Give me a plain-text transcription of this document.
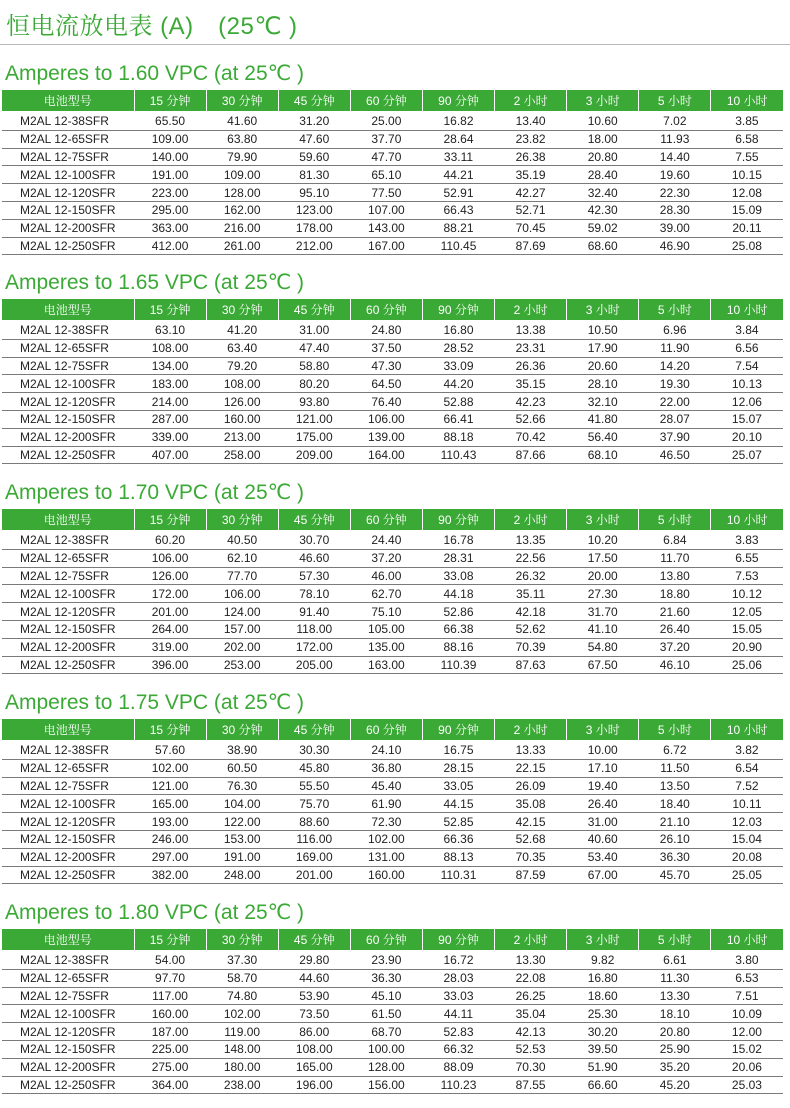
恒电流放电表 (A)　(25℃ )
Amperes to 1.60 VPC (at 25℃ )
电池型号	15 分钟	30 分钟	45 分钟	60 分钟	90 分钟	2 小时	3 小时	5 小时	10 小时
M2AL 12-38SFR	65.50	41.60	31.20	25.00	16.82	13.40	10.60	7.02	3.85
M2AL 12-65SFR	109.00	63.80	47.60	37.70	28.64	23.82	18.00	11.93	6.58
M2AL 12-75SFR	140.00	79.90	59.60	47.70	33.11	26.38	20.80	14.40	7.55
M2AL 12-100SFR	191.00	109.00	81.30	65.10	44.21	35.19	28.40	19.60	10.15
M2AL 12-120SFR	223.00	128.00	95.10	77.50	52.91	42.27	32.40	22.30	12.08
M2AL 12-150SFR	295.00	162.00	123.00	107.00	66.43	52.71	42.30	28.30	15.09
M2AL 12-200SFR	363.00	216.00	178.00	143.00	88.21	70.45	59.02	39.00	20.11
M2AL 12-250SFR	412.00	261.00	212.00	167.00	110.45	87.69	68.60	46.90	25.08
Amperes to 1.65 VPC (at 25℃ )
电池型号	15 分钟	30 分钟	45 分钟	60 分钟	90 分钟	2 小时	3 小时	5 小时	10 小时
M2AL 12-38SFR	63.10	41.20	31.00	24.80	16.80	13.38	10.50	6.96	3.84
M2AL 12-65SFR	108.00	63.40	47.40	37.50	28.52	23.31	17.90	11.90	6.56
M2AL 12-75SFR	134.00	79.20	58.80	47.30	33.09	26.36	20.60	14.20	7.54
M2AL 12-100SFR	183.00	108.00	80.20	64.50	44.20	35.15	28.10	19.30	10.13
M2AL 12-120SFR	214.00	126.00	93.80	76.40	52.88	42.23	32.10	22.00	12.06
M2AL 12-150SFR	287.00	160.00	121.00	106.00	66.41	52.66	41.80	28.07	15.07
M2AL 12-200SFR	339.00	213.00	175.00	139.00	88.18	70.42	56.40	37.90	20.10
M2AL 12-250SFR	407.00	258.00	209.00	164.00	110.43	87.66	68.10	46.50	25.07
Amperes to 1.70 VPC (at 25℃ )
电池型号	15 分钟	30 分钟	45 分钟	60 分钟	90 分钟	2 小时	3 小时	5 小时	10 小时
M2AL 12-38SFR	60.20	40.50	30.70	24.40	16.78	13.35	10.20	6.84	3.83
M2AL 12-65SFR	106.00	62.10	46.60	37.20	28.31	22.56	17.50	11.70	6.55
M2AL 12-75SFR	126.00	77.70	57.30	46.00	33.08	26.32	20.00	13.80	7.53
M2AL 12-100SFR	172.00	106.00	78.10	62.70	44.18	35.11	27.30	18.80	10.12
M2AL 12-120SFR	201.00	124.00	91.40	75.10	52.86	42.18	31.70	21.60	12.05
M2AL 12-150SFR	264.00	157.00	118.00	105.00	66.38	52.62	41.10	26.40	15.05
M2AL 12-200SFR	319.00	202.00	172.00	135.00	88.16	70.39	54.80	37.20	20.90
M2AL 12-250SFR	396.00	253.00	205.00	163.00	110.39	87.63	67.50	46.10	25.06
Amperes to 1.75 VPC (at 25℃ )
电池型号	15 分钟	30 分钟	45 分钟	60 分钟	90 分钟	2 小时	3 小时	5 小时	10 小时
M2AL 12-38SFR	57.60	38.90	30.30	24.10	16.75	13.33	10.00	6.72	3.82
M2AL 12-65SFR	102.00	60.50	45.80	36.80	28.15	22.15	17.10	11.50	6.54
M2AL 12-75SFR	121.00	76.30	55.50	45.40	33.05	26.09	19.40	13.50	7.52
M2AL 12-100SFR	165.00	104.00	75.70	61.90	44.15	35.08	26.40	18.40	10.11
M2AL 12-120SFR	193.00	122.00	88.60	72.30	52.85	42.15	31.00	21.10	12.03
M2AL 12-150SFR	246.00	153.00	116.00	102.00	66.36	52.68	40.60	26.10	15.04
M2AL 12-200SFR	297.00	191.00	169.00	131.00	88.13	70.35	53.40	36.30	20.08
M2AL 12-250SFR	382.00	248.00	201.00	160.00	110.31	87.59	67.00	45.70	25.05
Amperes to 1.80 VPC (at 25℃ )
电池型号	15 分钟	30 分钟	45 分钟	60 分钟	90 分钟	2 小时	3 小时	5 小时	10 小时
M2AL 12-38SFR	54.00	37.30	29.80	23.90	16.72	13.30	9.82	6.61	3.80
M2AL 12-65SFR	97.70	58.70	44.60	36.30	28.03	22.08	16.80	11.30	6.53
M2AL 12-75SFR	117.00	74.80	53.90	45.10	33.03	26.25	18.60	13.30	7.51
M2AL 12-100SFR	160.00	102.00	73.50	61.50	44.11	35.04	25.30	18.10	10.09
M2AL 12-120SFR	187.00	119.00	86.00	68.70	52.83	42.13	30.20	20.80	12.00
M2AL 12-150SFR	225.00	148.00	108.00	100.00	66.32	52.53	39.50	25.90	15.02
M2AL 12-200SFR	275.00	180.00	165.00	128.00	88.09	70.30	51.90	35.20	20.06
M2AL 12-250SFR	364.00	238.00	196.00	156.00	110.23	87.55	66.60	45.20	25.03
